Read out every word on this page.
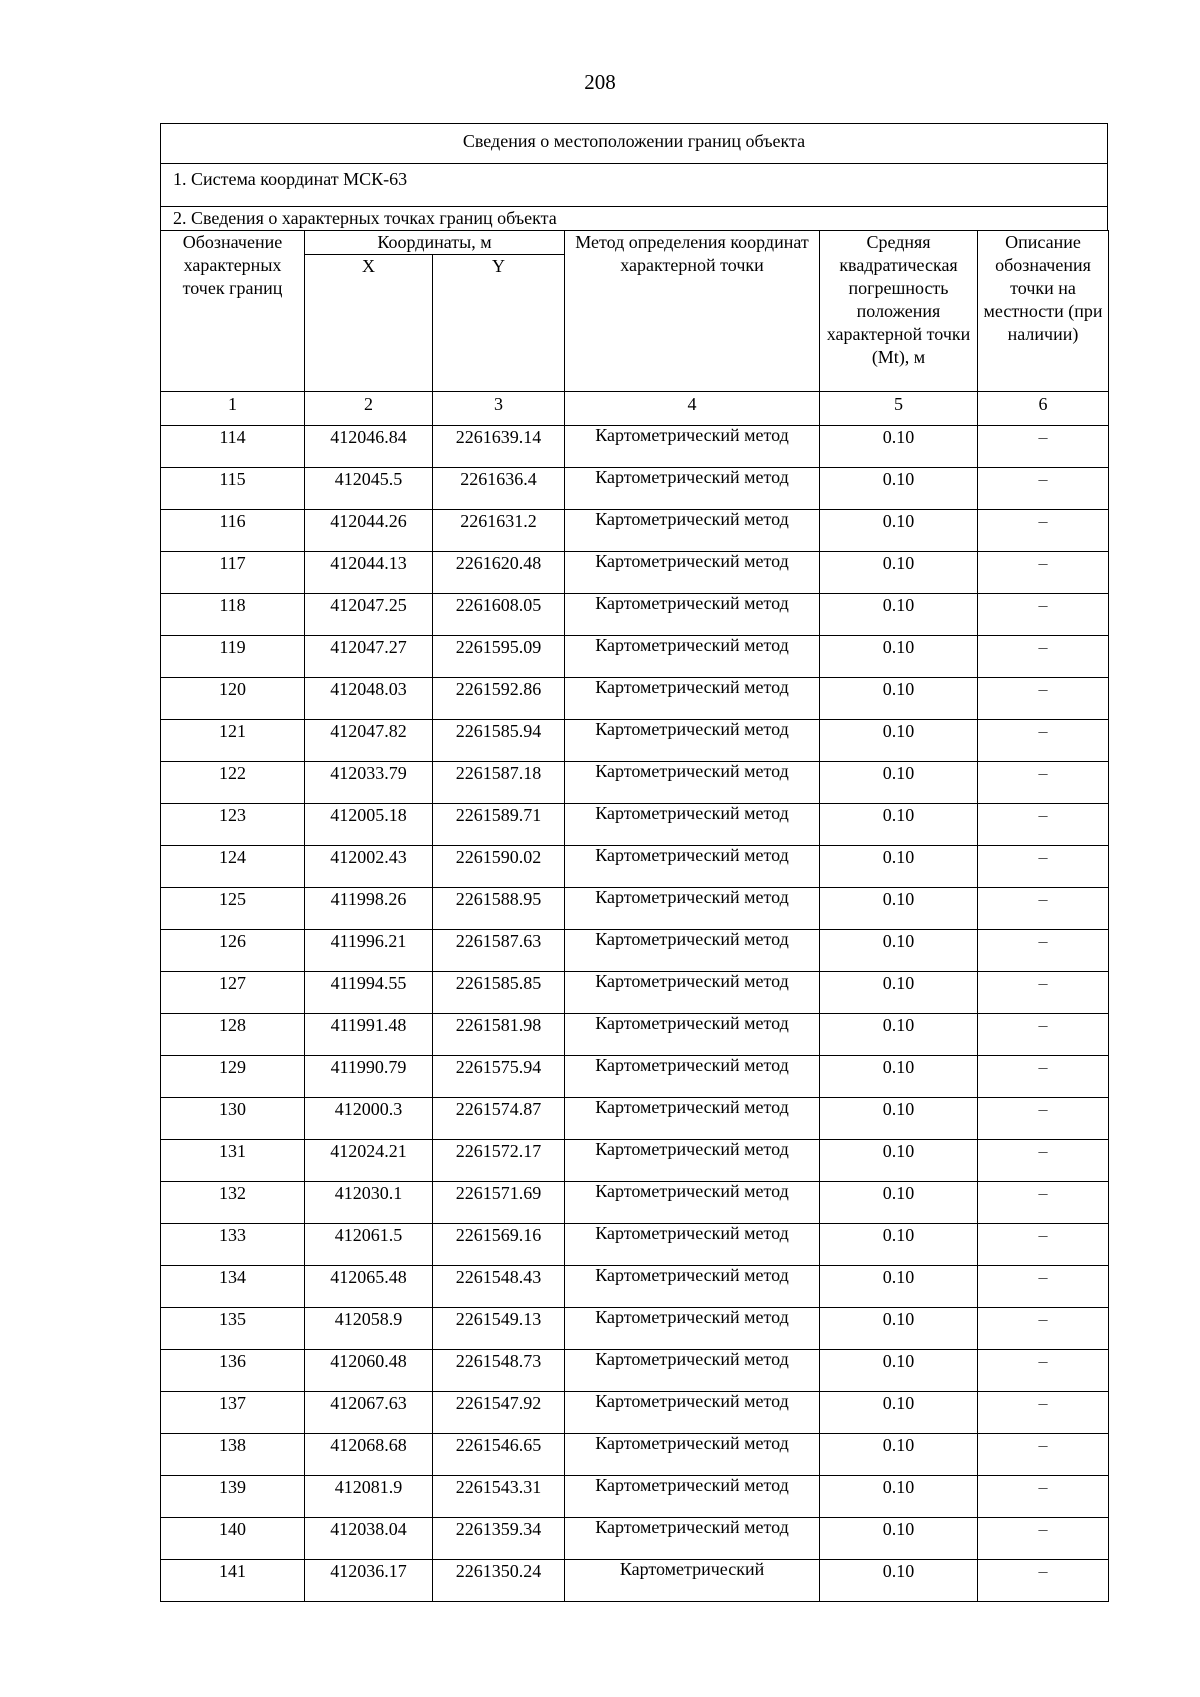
208
Сведения о местоположении границ объекта
1. Система координат МСК-63
2. Сведения о характерных точках границ объекта
Обозначение характерных точек границ	Координаты, м		Метод определения координат характерной точки	Средняя квадратическая погрешность положения характерной точки (Mt), м	Описание обозначения точки на местности (при наличии)
	X	Y			
1	2	3	4	5	6

114	412046.84	2261639.14	Картометрический метод	0.10	–

115	412045.5	2261636.4	Картометрический метод	0.10	–

116	412044.26	2261631.2	Картометрический метод	0.10	–

117	412044.13	2261620.48	Картометрический метод	0.10	–

118	412047.25	2261608.05	Картометрический метод	0.10	–

119	412047.27	2261595.09	Картометрический метод	0.10	–

120	412048.03	2261592.86	Картометрический метод	0.10	–

121	412047.82	2261585.94	Картометрический метод	0.10	–

122	412033.79	2261587.18	Картометрический метод	0.10	–

123	412005.18	2261589.71	Картометрический метод	0.10	–

124	412002.43	2261590.02	Картометрический метод	0.10	–

125	411998.26	2261588.95	Картометрический метод	0.10	–

126	411996.21	2261587.63	Картометрический метод	0.10	–

127	411994.55	2261585.85	Картометрический метод	0.10	–

128	411991.48	2261581.98	Картометрический метод	0.10	–

129	411990.79	2261575.94	Картометрический метод	0.10	–

130	412000.3	2261574.87	Картометрический метод	0.10	–

131	412024.21	2261572.17	Картометрический метод	0.10	–

132	412030.1	2261571.69	Картометрический метод	0.10	–

133	412061.5	2261569.16	Картометрический метод	0.10	–

134	412065.48	2261548.43	Картометрический метод	0.10	–

135	412058.9	2261549.13	Картометрический метод	0.10	–

136	412060.48	2261548.73	Картометрический метод	0.10	–

137	412067.63	2261547.92	Картометрический метод	0.10	–

138	412068.68	2261546.65	Картометрический метод	0.10	–

139	412081.9	2261543.31	Картометрический метод	0.10	–

140	412038.04	2261359.34	Картометрический метод	0.10	–

141	412036.17	2261350.24	Картометрический	0.10	–
